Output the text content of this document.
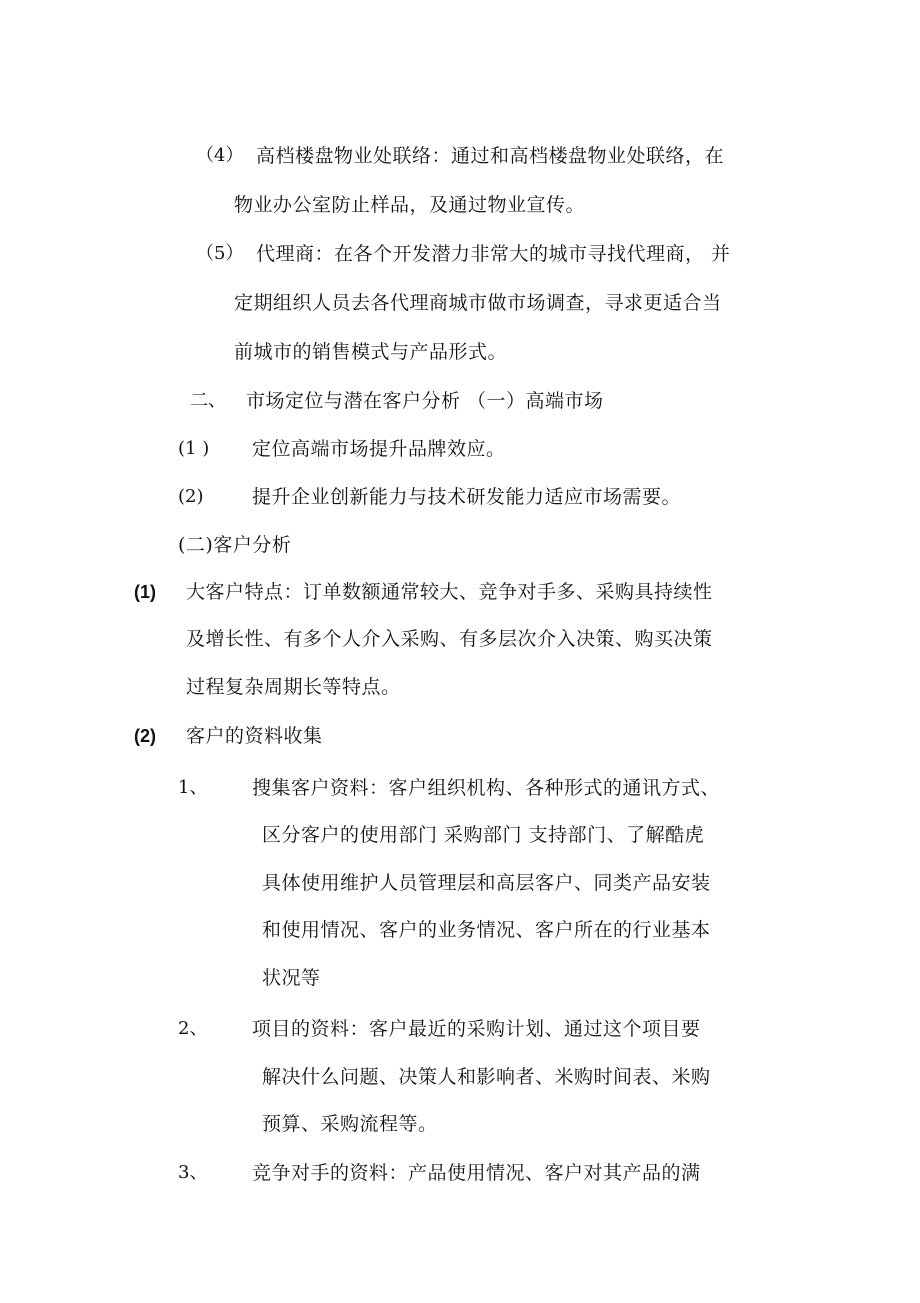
（4） 高档楼盘物业处联络：通过和高档楼盘物业处联络，在
物业办公室防止样品，及通过物业宣传。
（5） 代理商：在各个开发潜力非常大的城市寻找代理商， 并
定期组织人员去各代理商城市做市场调查，寻求更适合当
前城市的销售模式与产品形式。
二、 市场定位与潜在客户分析 （一）高端市场
(1 ) 定位高端市场提升品牌效应。
(2)	提升企业创新能力与技术研发能力适应市场需要。
(二)客户分析
(1) 大客户特点：订单数额通常较大、竞争对手多、采购具持续性
及增长性、有多个人介入采购、有多层次介入决策、购买决策
过程复杂周期长等特点。
(2) 客户的资料收集
1、 搜集客户资料：客户组织机构、各种形式的通讯方式、
区分客户的使用部门 采购部门 支持部门、了解酷虎
具体使用维护人员管理层和高层客户、同类产品安装
和使用情况、客户的业务情况、客户所在的行业基本
状况等
2、 项目的资料：客户最近的采购计划、通过这个项目要
解决什么问题、决策人和影响者、米购时间表、米购
预算、采购流程等。
3、 竞争对手的资料：产品使用情况、客户对其产品的满
